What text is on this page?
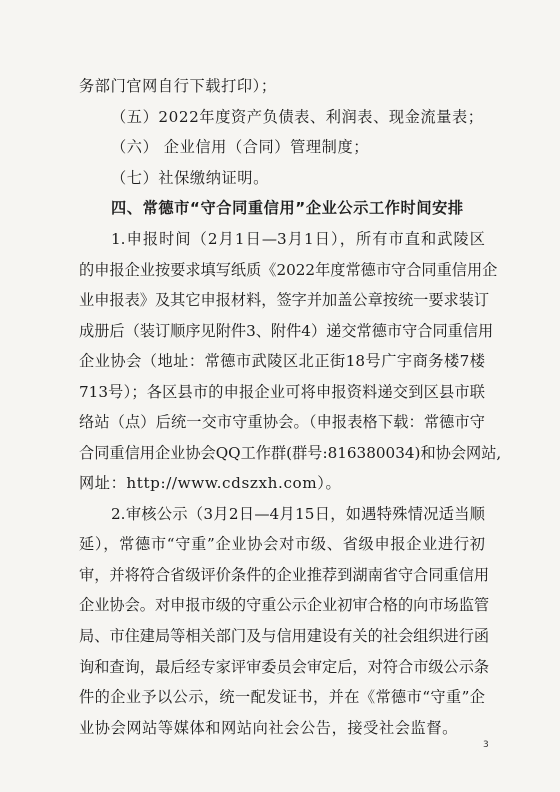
务部门官网自行下载打印）；
（五）2022年度资产负债表、利润表、现金流量表；
（六） 企业信用（合同）管理制度；
（七）社保缴纳证明。
四、常德市“守合同重信用”企业公示工作时间安排
1.申报时间（2月1日—3月1日），所有市直和武陵区
的申报企业按要求填写纸质《2022年度常德市守合同重信用企
业申报表》及其它申报材料，签字并加盖公章按统一要求装订
成册后（装订顺序见附件3、附件4）递交常德市守合同重信用
企业协会（地址：常德市武陵区北正街18号广宇商务楼7楼
713号）；各区县市的申报企业可将申报资料递交到区县市联
络站（点）后统一交市守重协会。（申报表格下载：常德市守
合同重信用企业协会QQ工作群(群号:816380034)和协会网站,
网址：http://www.cdszxh.com）。
2.审核公示（3月2日—4月15日，如遇特殊情况适当顺
延），常德市“守重”企业协会对市级、省级申报企业进行初
审，并将符合省级评价条件的企业推荐到湖南省守合同重信用
企业协会。对申报市级的守重公示企业初审合格的向市场监管
局、市住建局等相关部门及与信用建设有关的社会组织进行函
询和查询，最后经专家评审委员会审定后，对符合市级公示条
件的企业予以公示，统一配发证书，并在《常德市“守重”企
业协会网站等媒体和网站向社会公告，接受社会监督。
3
